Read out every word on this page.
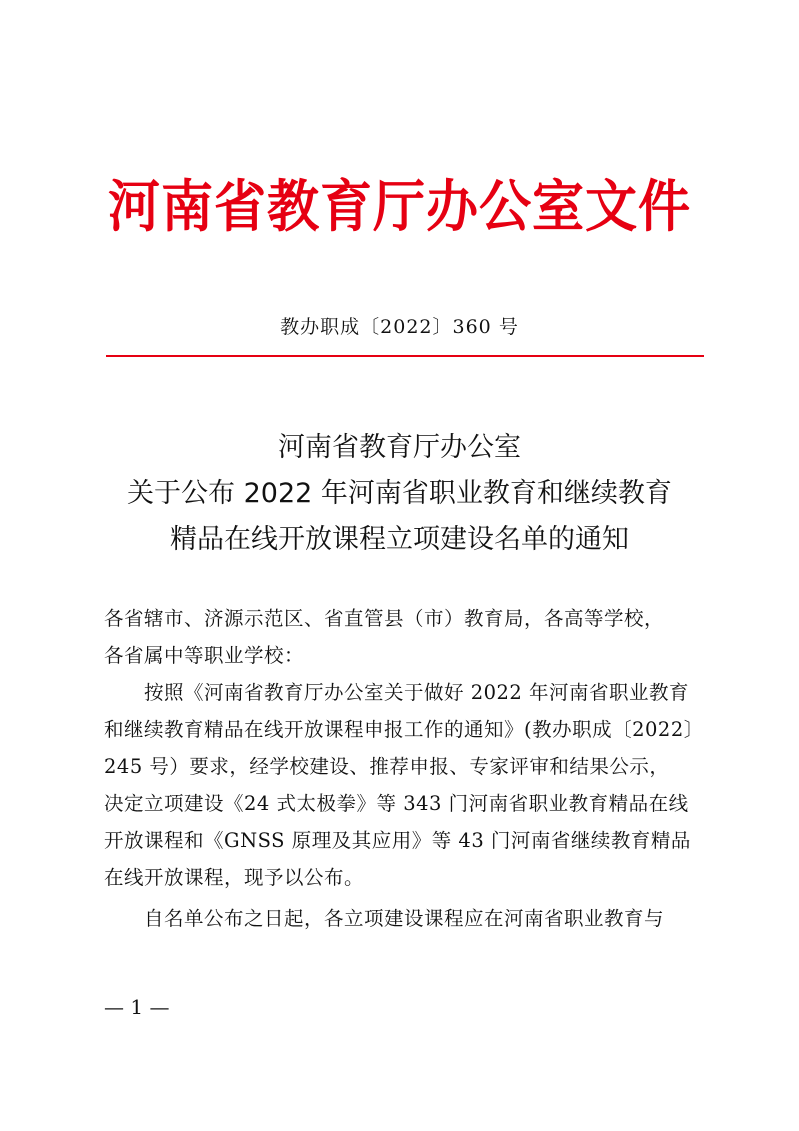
河南省教育厅办公室文件
教办职成〔2022〕360 号
河南省教育厅办公室
关于公布 2022 年河南省职业教育和继续教育
精品在线开放课程立项建设名单的通知
各省辖市、济源示范区、省直管县（市）教育局，各高等学校，
各省属中等职业学校：
按照《河南省教育厅办公室关于做好 2022 年河南省职业教育
和继续教育精品在线开放课程申报工作的通知》(教办职成〔2022〕
245 号）要求，经学校建设、推荐申报、专家评审和结果公示，
决定立项建设《24 式太极拳》等 343 门河南省职业教育精品在线
开放课程和《GNSS 原理及其应用》等 43 门河南省继续教育精品
在线开放课程，现予以公布。
自名单公布之日起，各立项建设课程应在河南省职业教育与
— 1 —
